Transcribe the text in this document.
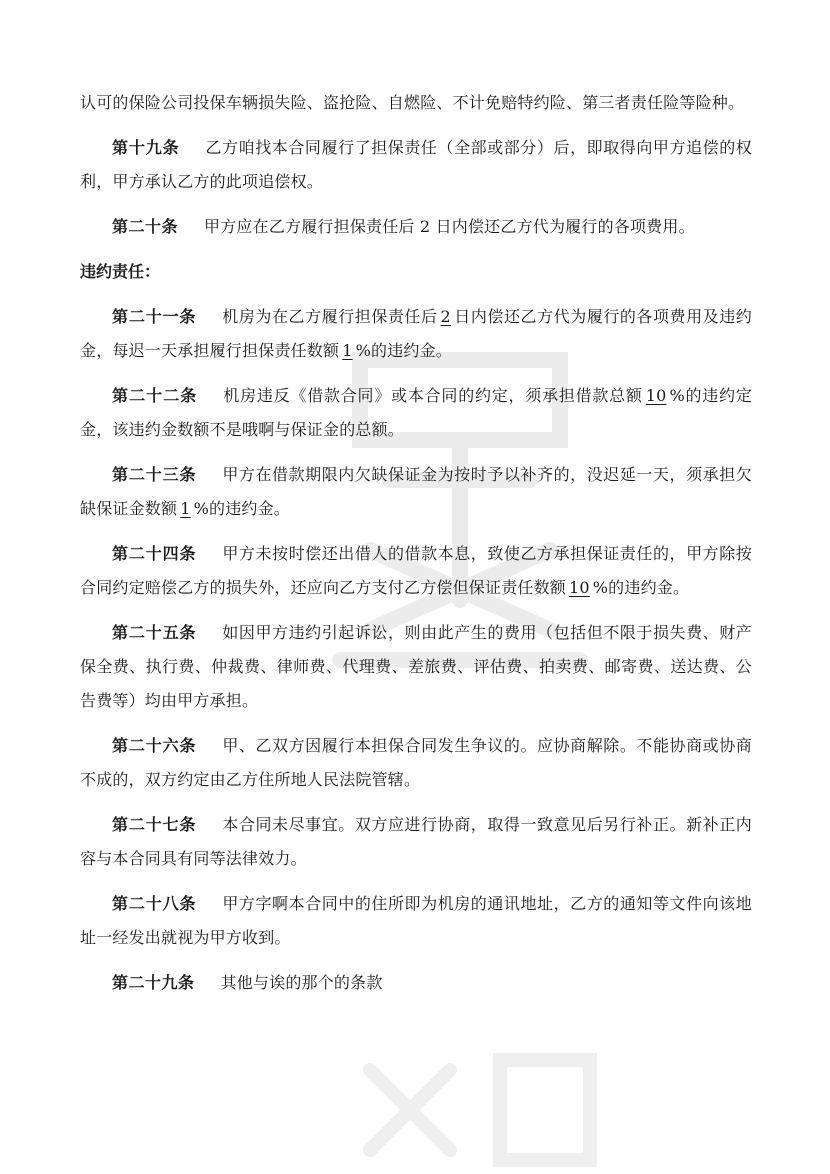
认可的保险公司投保车辆损失险、盗抢险、自燃险、不计免赔特约险、第三者责任险等险种。

第十九条 乙方咱找本合同履行了担保责任（全部或部分）后，即取得向甲方追偿的权利，甲方承认乙方的此项追偿权。

第二十条 甲方应在乙方履行担保责任后 2 日内偿还乙方代为履行的各项费用。

违约责任：

第二十一条 机房为在乙方履行担保责任后 2 日内偿还乙方代为履行的各项费用及违约金，每迟一天承担履行担保责任数额 1 %的违约金。

第二十二条 机房违反《借款合同》或本合同的约定，须承担借款总额 10 %的违约定金，该违约金数额不是哦啊与保证金的总额。

第二十三条 甲方在借款期限内欠缺保证金为按时予以补齐的，没迟延一天，须承担欠缺保证金数额 1 %的违约金。

第二十四条 甲方未按时偿还出借人的借款本息，致使乙方承担保证责任的，甲方除按合同约定赔偿乙方的损失外，还应向乙方支付乙方偿但保证责任数额 10 %的违约金。

第二十五条 如因甲方违约引起诉讼，则由此产生的费用（包括但不限于损失费、财产保全费、执行费、仲裁费、律师费、代理费、差旅费、评估费、拍卖费、邮寄费、送达费、公告费等）均由甲方承担。

第二十六条 甲、乙双方因履行本担保合同发生争议的。应协商解除。不能协商或协商不成的，双方约定由乙方住所地人民法院管辖。

第二十七条 本合同未尽事宜。双方应进行协商，取得一致意见后另行补正。新补正内容与本合同具有同等法律效力。

第二十八条 甲方字啊本合同中的住所即为机房的通讯地址，乙方的通知等文件向该地址一经发出就视为甲方收到。

第二十九条 其他与诶的那个的条款
